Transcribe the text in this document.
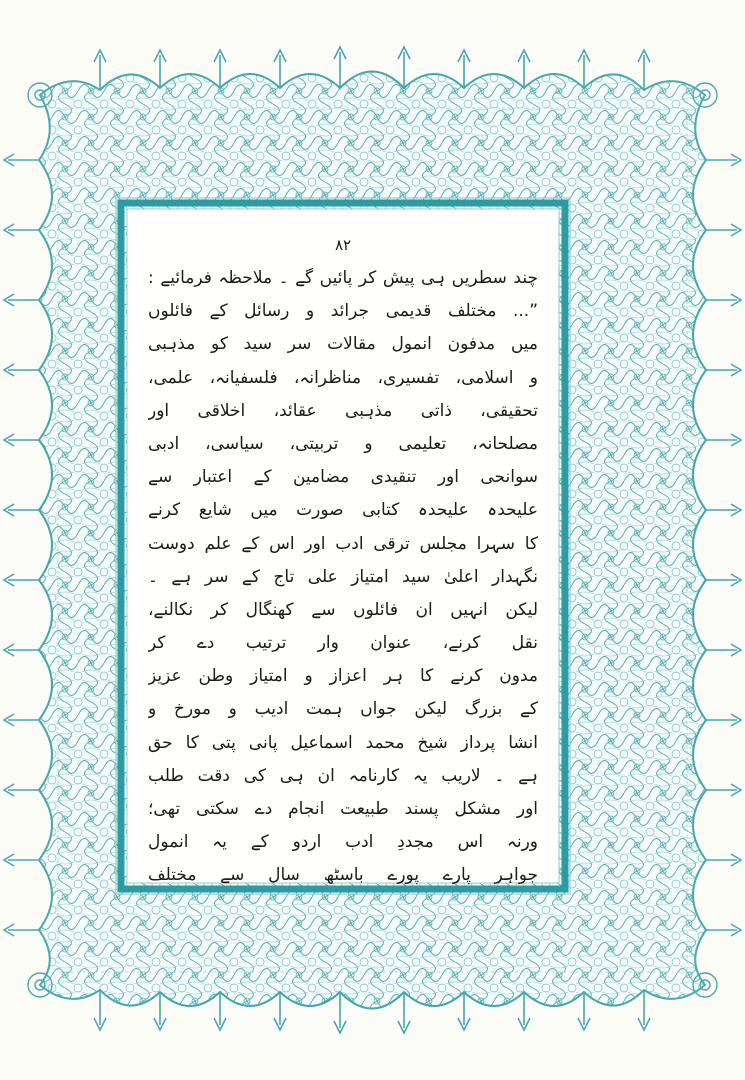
۸۲
چند سطریں ہی پیش کر پائیں گے ۔ ملاحظہ فرمائیے :
”... مختلف قدیمی جرائد و رسائل کے فائلوں
میں مدفون انمول مقالات سر سید کو مذہبی
و اسلامی، تفسیری، مناظرانہ، فلسفیانہ، علمی،
تحقیقی، ذاتی مذہبی عقائد، اخلاقی اور
مصلحانہ، تعلیمی و تربیتی، سیاسی، ادبی
سوانحی اور تنقیدی مضامین کے اعتبار سے
علیحدہ علیحدہ کتابی صورت میں شایع کرنے
کا سہرا مجلس ترقی ادب اور اس کے علم دوست
نگہدار اعلیٰ سید امتیاز علی تاج کے سر ہے ۔
لیکن انہیں ان فائلوں سے کھنگال کر نکالنے،
نقل کرنے، عنوان وار ترتیب دے کر
مدون کرنے کا ہر اعزاز و امتیاز وطن عزیز
کے بزرگ لیکن جواں ہمت ادیب و مورخ و
انشا پرداز شیخ محمد اسماعیل پانی پتی کا حق
ہے ۔ لاریب یہ کارنامہ ان ہی کی دقت طلب
اور مشکل پسند طبیعت انجام دے سکتی تھی؛
ورنہ اس مجددِ ادب اردو کے یہ انمول
جواہر پارے پورے باسٹھ سال سے مختلف
